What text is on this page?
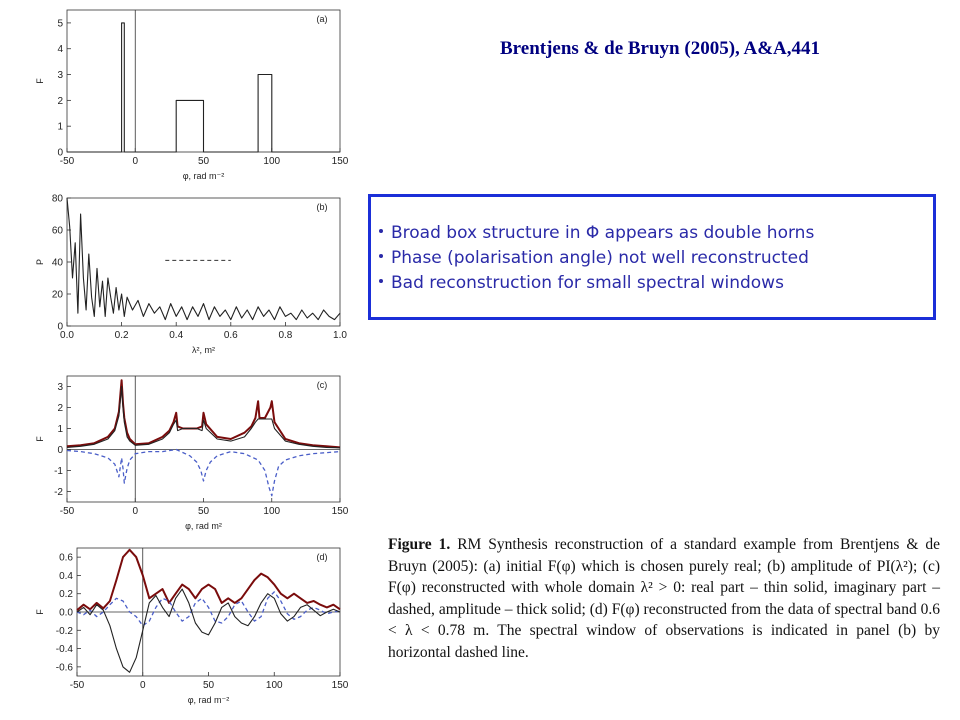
-50	0	50	100	150
0
1
2
3
4
5
φ, rad m⁻²
F
(a)
0.0	0.2	0.4	0.6	0.8	1.0
0
20
40
60
80
λ², m²
P
(b)
-50	0	50	100	150
-2
-1
0
1
2
3
φ, rad m²
F
(c)
-50	0	50	100	150
-0.6
-0.4
-0.2
0.0
0.2
0.4
0.6
φ, rad m⁻²
F
(d)
Brentjens & de Bruyn (2005), A&A,441
Broad box structure in Φ appears as double horns
Phase (polarisation angle) not well reconstructed
Bad reconstruction for small spectral windows
Figure 1. RM Synthesis reconstruction of a standard example from Brentjens & de Bruyn (2005): (a) initial F(φ) which is chosen purely real; (b) amplitude of PI(λ²); (c) F(φ) reconstructed with whole domain λ² > 0: real part – thin solid, imaginary part – dashed, amplitude – thick solid; (d) F(φ) reconstructed from the data of spectral band 0.6 < λ < 0.78 m. The spectral window of observations is indicated in panel (b) by horizontal dashed line.
